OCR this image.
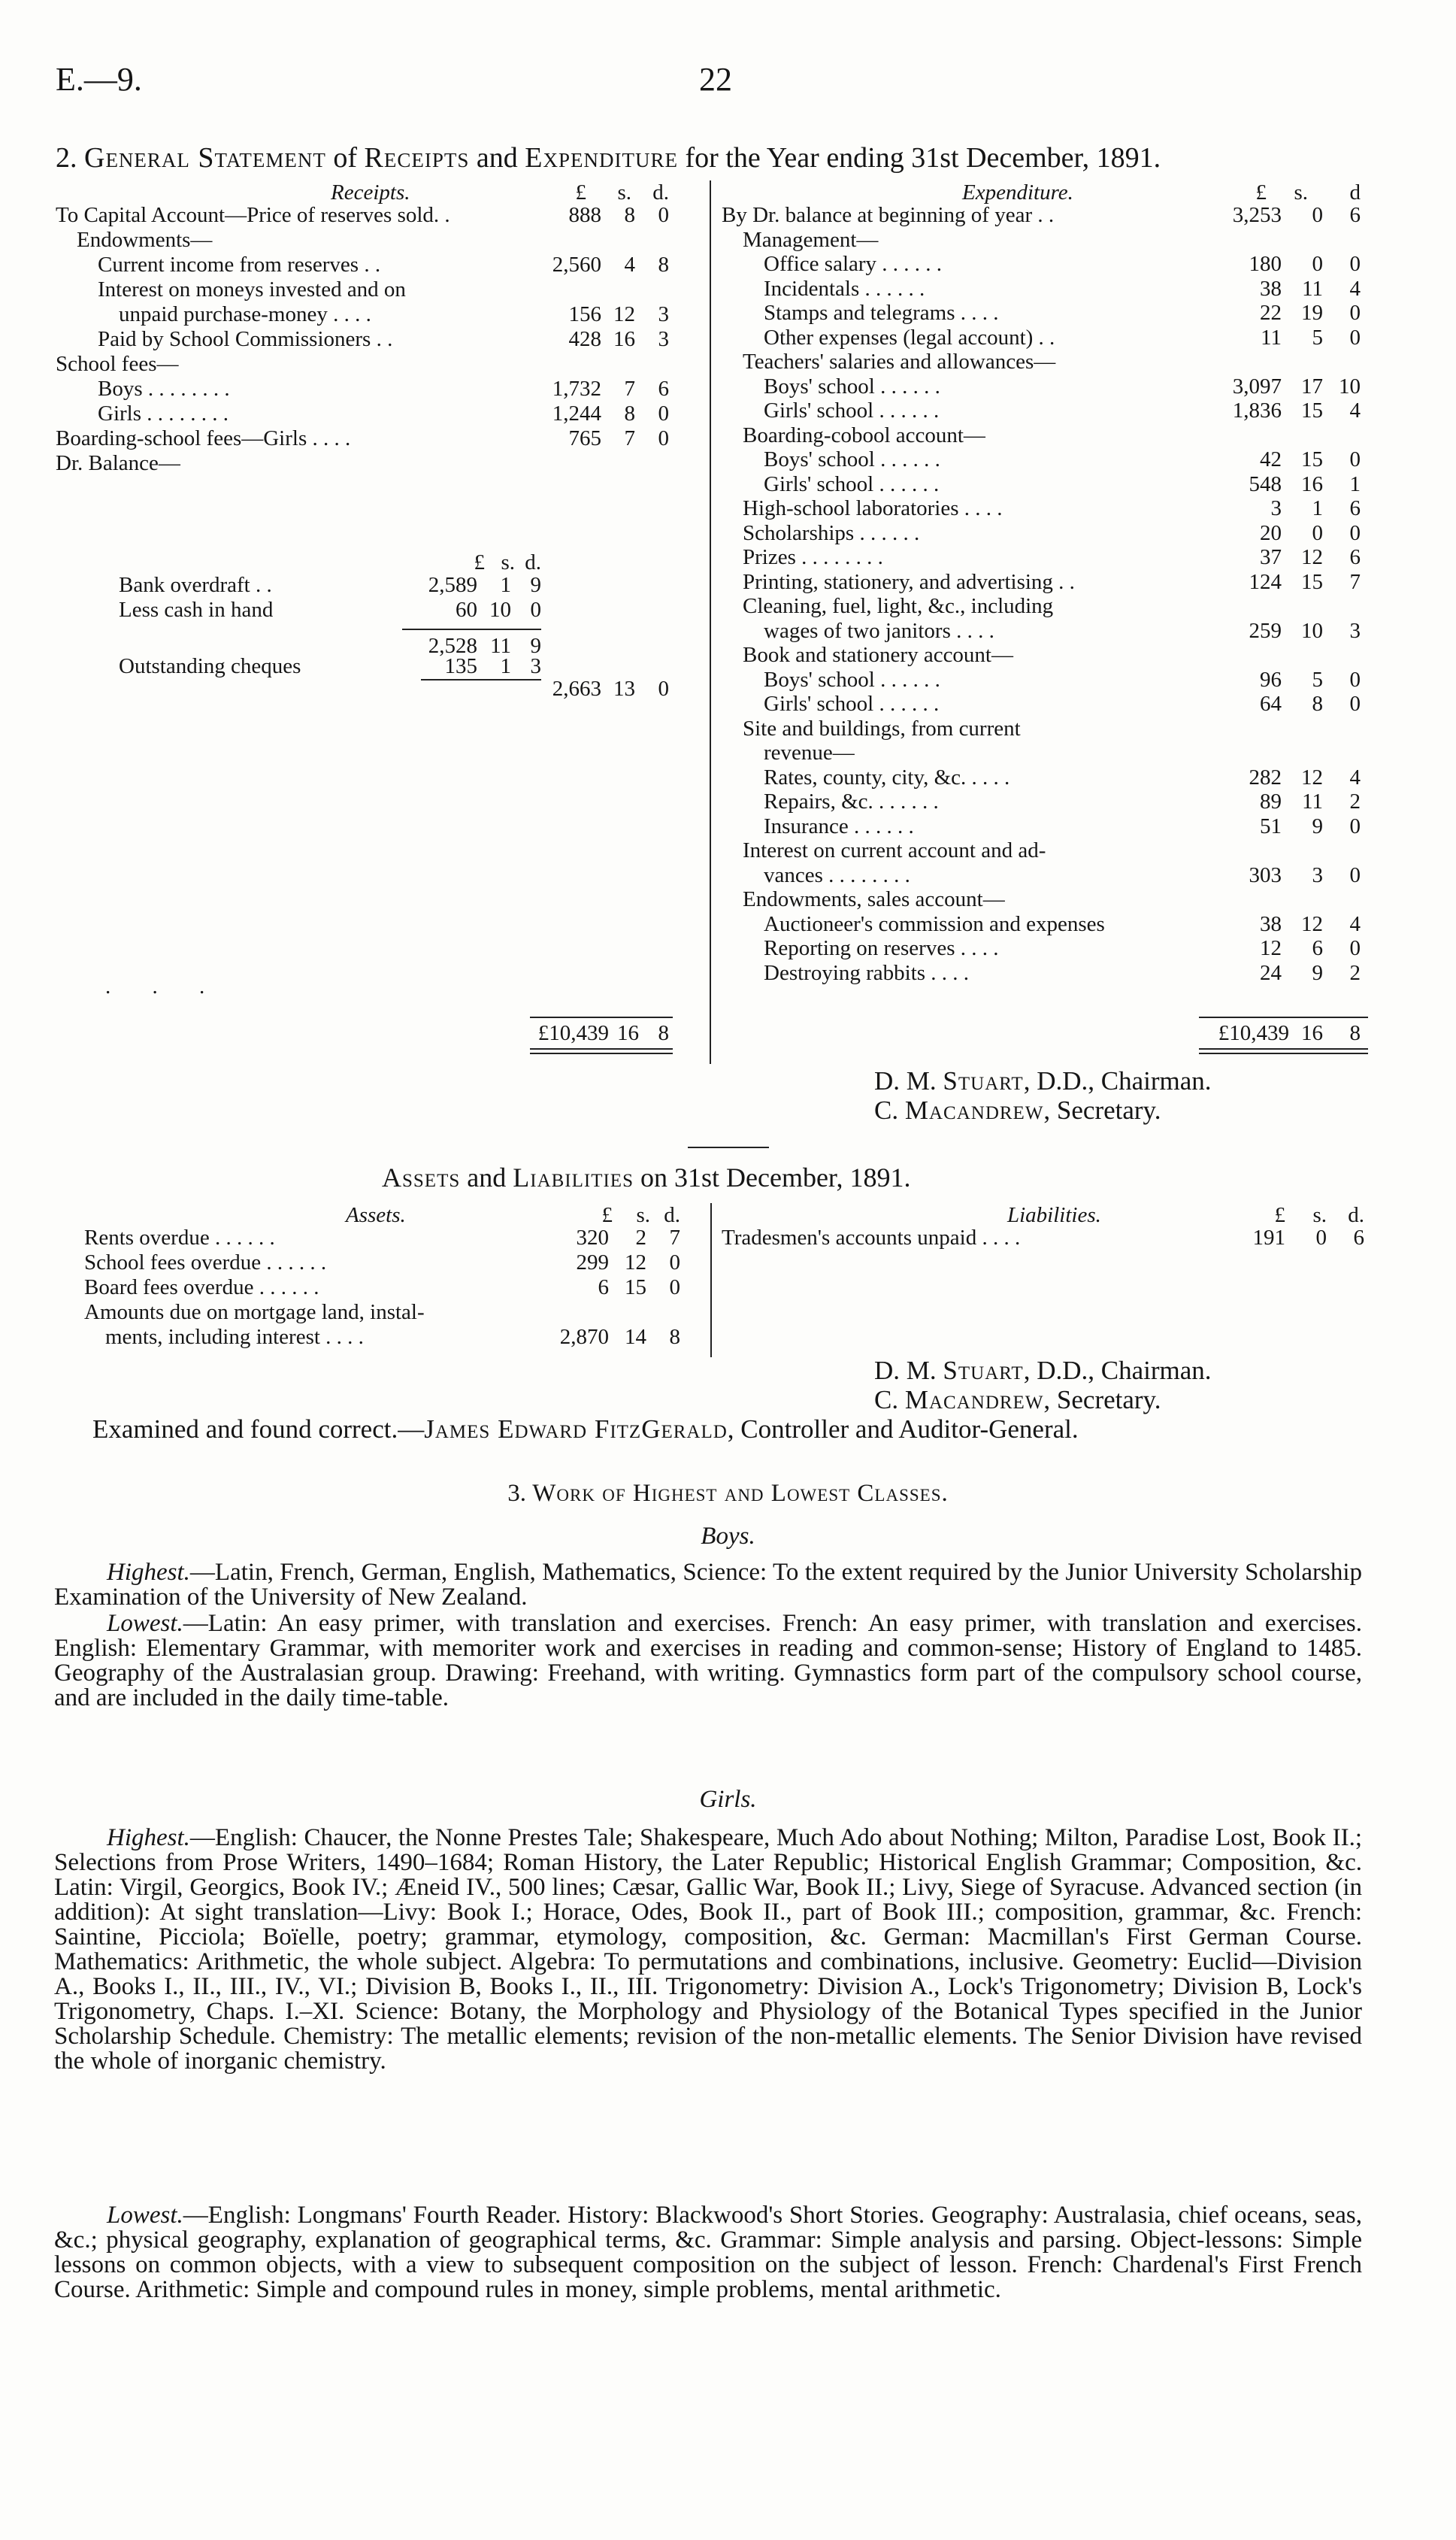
E.—9.	22
2. General Statement of Receipts and Expenditure for the Year ending 31st December, 1891.
Receipts.	£	s. d.
To Capital Account—Price of reserves sold. .	888	8	0
Endowments—
Current income from reserves . .	2,560	4	8
Interest on moneys invested and on
unpaid purchase-money . . . .	156 12	3
Paid by School Commissioners . .	428 16	3
School fees—
Boys . . . . . . . .	1,732	7	6
Girls . . . . . . . .	1,244	8	0
Boarding-school fees—Girls . . . .	765	7	0
Dr. Balance—
£ s. d.
Bank overdraft . .	2,589	1 9
Less cash in hand	60 10 0
2,528 11 9
Outstanding cheques	135	1 3
2,663 13	0
. . .
£10,439 16 8
Expenditure.	£	s.	d
By Dr. balance at beginning of year . .	3,253	0	6
Management—
Office salary . . . . . .	180	0	0
Incidentals . . . . . .	38 11	4
Stamps and telegrams . . . .	22 19	0
Other expenses (legal account) . .	11	5	0
Teachers' salaries and allowances—
Boys' school . . . . . .	3,097 17 10
Girls' school . . . . . .	1,836 15	4
Boarding-cobool account—
Boys' school . . . . . .	42 15	0
Girls' school . . . . . .	548 16	1
High-school laboratories . . . .	3	1	6
Scholarships . . . . . .	20	0	0
Prizes . . . . . . . .	37 12	6
Printing, stationery, and advertising . .	124 15	7
Cleaning, fuel, light, &c., including
wages of two janitors . . . .	259 10	3
Book and stationery account—
Boys' school . . . . . .	96	5	0
Girls' school . . . . . .	64	8	0
Site and buildings, from current
revenue—
Rates, county, city, &c. . . . .	282 12	4
Repairs, &c. . . . . . .	89 11	2
Insurance . . . . . .	51	9	0
Interest on current account and ad-
vances . . . . . . . .	303	3	0
Endowments, sales account—
Auctioneer's commission and expenses	38 12	4
Reporting on reserves . . . .	12	6	0
Destroying rabbits . . . .	24	9	2
£10,439 16	8
D. M. Stuart, D.D., Chairman.
C. Macandrew, Secretary.
Assets and Liabilities on 31st December, 1891.
Assets.	£	s. d.
Rents overdue . . . . . .	320	2	7
School fees overdue . . . . . .	299 12	0
Board fees overdue . . . . . .	6 15	0
Amounts due on mortgage land, instal-
ments, including interest . . . .	2,870 14	8
Liabilities.	£	s. d.
Tradesmen's accounts unpaid . . . .	191	0	6
D. M. Stuart, D.D., Chairman.
C. Macandrew, Secretary.
Examined and found correct.—James Edward FitzGerald, Controller and Auditor-General.
3. Work of Highest and Lowest Classes.
Boys.
Highest.—Latin, French, German, English, Mathematics, Science: To the extent required by the Junior University Scholarship Examination of the University of New Zealand.
Lowest.—Latin: An easy primer, with translation and exercises. French: An easy primer, with translation and exercises. English: Elementary Grammar, with memoriter work and exercises in reading and common-sense; History of England to 1485. Geography of the Australasian group. Drawing: Freehand, with writing. Gymnastics form part of the compulsory school course, and are included in the daily time-table.
Girls.
Highest.—English: Chaucer, the Nonne Prestes Tale; Shakespeare, Much Ado about Nothing; Milton, Paradise Lost, Book II.; Selections from Prose Writers, 1490–1684; Roman History, the Later Republic; Historical English Grammar; Composition, &c. Latin: Virgil, Georgics, Book IV.; Æneid IV., 500 lines; Cæsar, Gallic War, Book II.; Livy, Siege of Syracuse. Advanced section (in addition): At sight translation—Livy: Book I.; Horace, Odes, Book II., part of Book III.; composition, grammar, &c. French: Saintine, Picciola; Boïelle, poetry; grammar, etymology, composition, &c. German: Macmillan's First German Course. Mathematics: Arithmetic, the whole subject. Algebra: To permutations and combinations, inclusive. Geometry: Euclid—Division A., Books I., II., III., IV., VI.; Division B, Books I., II., III. Trigonometry: Division A., Lock's Trigonometry; Division B, Lock's Trigonometry, Chaps. I.–XI. Science: Botany, the Morphology and Physiology of the Botanical Types specified in the Junior Scholarship Schedule. Chemistry: The metallic elements; revision of the non-metallic elements. The Senior Division have revised the whole of inorganic chemistry.
Lowest.—English: Longmans' Fourth Reader. History: Blackwood's Short Stories. Geography: Australasia, chief oceans, seas, &c.; physical geography, explanation of geographical terms, &c. Grammar: Simple analysis and parsing. Object-lessons: Simple lessons on common objects, with a view to subsequent composition on the subject of lesson. French: Chardenal's First French Course. Arithmetic: Simple and compound rules in money, simple problems, mental arithmetic.
